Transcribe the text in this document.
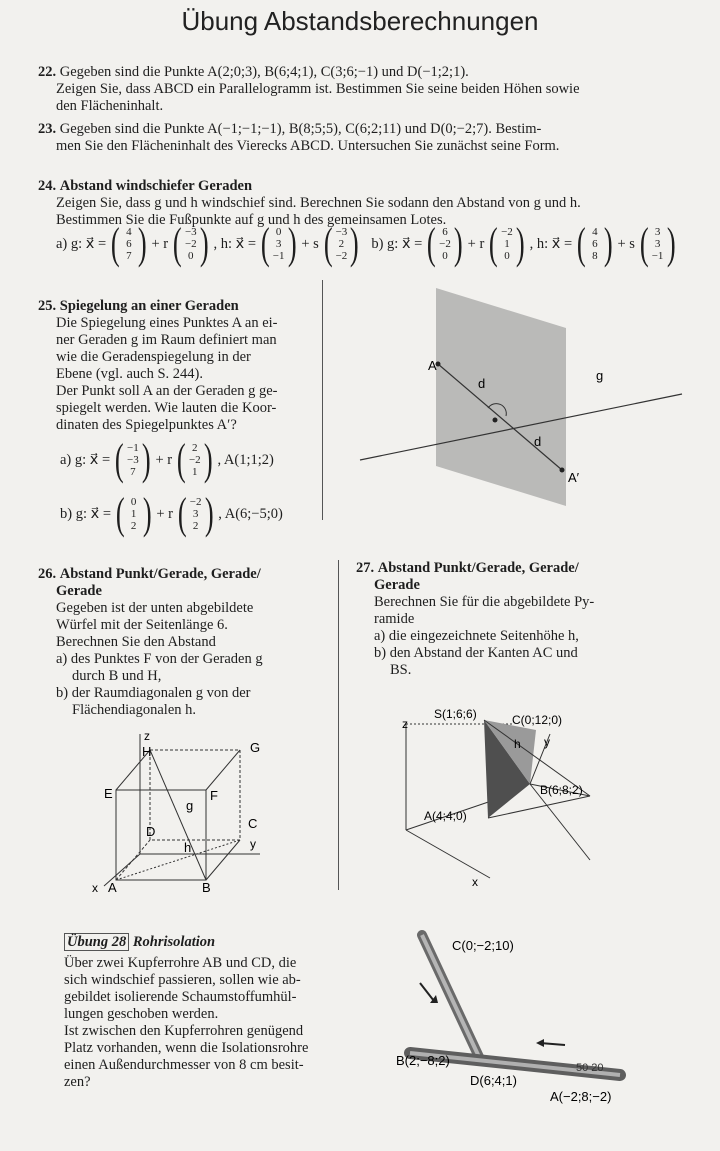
Übung Abstandsberechnungen
22. Gegeben sind die Punkte A(2;0;3), B(6;4;1), C(3;6;−1) und D(−1;2;1).
Zeigen Sie, dass ABCD ein Parallelogramm ist. Bestimmen Sie seine beiden Höhen sowie
den Flächeninhalt.
23. Gegeben sind die Punkte A(−1;−1;−1), B(8;5;5), C(6;2;11) und D(0;−2;7). Bestim-
men Sie den Flächeninhalt des Vierecks ABCD. Untersuchen Sie zunächst seine Form.
24. Abstand windschiefer Geraden
Zeigen Sie, dass g und h windschief sind. Berechnen Sie sodann den Abstand von g und h.
Bestimmen Sie die Fußpunkte auf g und h des gemeinsamen Lotes.
a)
g: x⃗ = ( 4
6
7 ) + r ( −3
−2
0 ) , h: x⃗ = ( 0
3
−1 ) + s ( −3
2
−2 )
b)
g: x⃗ = ( 6
−2
0 ) + r ( −2
1
0 ) , h: x⃗ = ( 4
6
8 ) + s ( 3
3
−1 )
25. Spiegelung an einer Geraden
Die Spiegelung eines Punktes A an ei-
ner Geraden g im Raum definiert man
wie die Geradenspiegelung in der
Ebene (vgl. auch S. 244).
Der Punkt soll A an der Geraden g ge-
spiegelt werden. Wie lauten die Koor-
dinaten des Spiegelpunktes A′?
a)
g: x⃗ = ( −1
−3
7 ) + r ( 2
−2
1 ) , A(1;1;2)
b)
g: x⃗ = ( 0
1
2 ) + r ( −2
3
2 ) , A(6;−5;0)
A
d
g
d
A′
26. Abstand Punkt/Gerade, Gerade/
Gerade
Gegeben ist der unten abgebildete
Würfel mit der Seitenlänge 6.
Berechnen Sie den Abstand
a) des Punktes F von der Geraden g
durch B und H,
b) der Raumdiagonalen g von der
Flächendiagonalen h.
z
H	G
E	F
g
D
C
h	y
x A	B
27. Abstand Punkt/Gerade, Gerade/
Gerade
Berechnen Sie für die abgebildete Py-
ramide
a) die eingezeichnete Seitenhöhe h,
b) den Abstand der Kanten AC und
BS.
z
S(1;6;6)	C(0;12;0)
y
h
B(6;8;2)
A(4;4;0)
x
Übung 28 Rohrisolation
Über zwei Kupferrohre AB und CD, die
sich windschief passieren, sollen wie ab-
gebildet isolierende Schaumstoffumhül-
lungen geschoben werden.
Ist zwischen den Kupferrohren genügend
Platz vorhanden, wenn die Isolationsrohre
einen Außendurchmesser von 8 cm besit-
zen?
C(0;−2;10)
B(2;−8;2)
D(6;4;1)
A(−2;8;−2)
50 20
